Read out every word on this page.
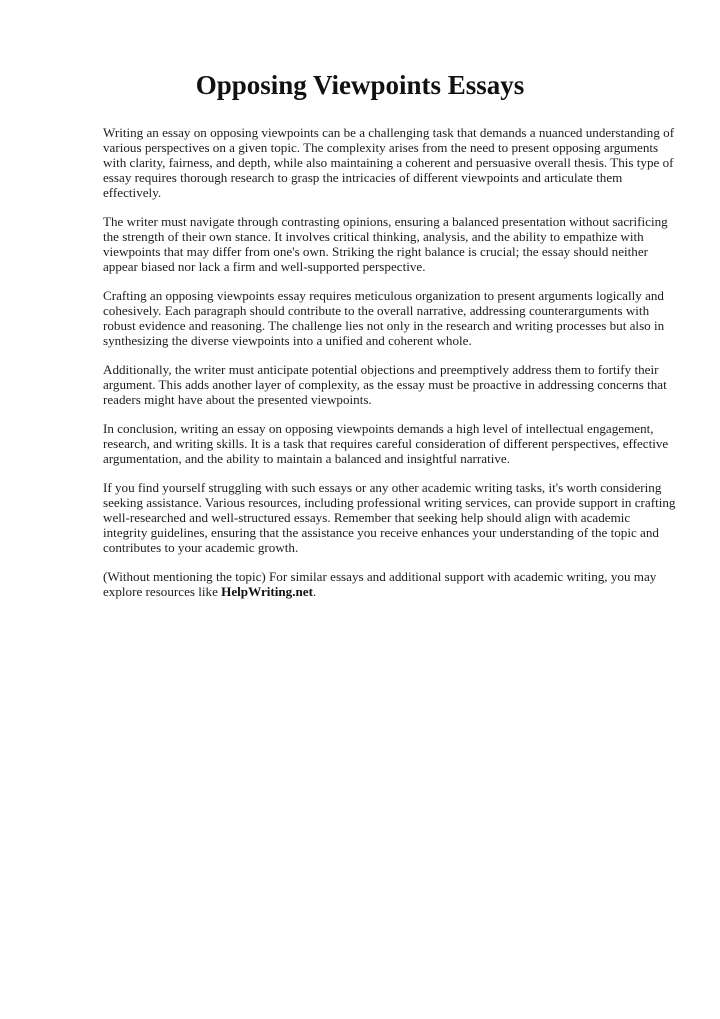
Opposing Viewpoints Essays

Writing an essay on opposing viewpoints can be a challenging task that demands a nuanced understanding of various perspectives on a given topic. The complexity arises from the need to present opposing arguments with clarity, fairness, and depth, while also maintaining a coherent and persuasive overall thesis. This type of essay requires thorough research to grasp the intricacies of different viewpoints and articulate them effectively.

The writer must navigate through contrasting opinions, ensuring a balanced presentation without sacrificing the strength of their own stance. It involves critical thinking, analysis, and the ability to empathize with viewpoints that may differ from one's own. Striking the right balance is crucial; the essay should neither appear biased nor lack a firm and well-supported perspective.

Crafting an opposing viewpoints essay requires meticulous organization to present arguments logically and cohesively. Each paragraph should contribute to the overall narrative, addressing counterarguments with robust evidence and reasoning. The challenge lies not only in the research and writing processes but also in synthesizing the diverse viewpoints into a unified and coherent whole.

Additionally, the writer must anticipate potential objections and preemptively address them to fortify their argument. This adds another layer of complexity, as the essay must be proactive in addressing concerns that readers might have about the presented viewpoints.

In conclusion, writing an essay on opposing viewpoints demands a high level of intellectual engagement, research, and writing skills. It is a task that requires careful consideration of different perspectives, effective argumentation, and the ability to maintain a balanced and insightful narrative.

If you find yourself struggling with such essays or any other academic writing tasks, it's worth considering seeking assistance. Various resources, including professional writing services, can provide support in crafting well-researched and well-structured essays. Remember that seeking help should align with academic integrity guidelines, ensuring that the assistance you receive enhances your understanding of the topic and contributes to your academic growth.

(Without mentioning the topic) For similar essays and additional support with academic writing, you may explore resources like HelpWriting.net.
